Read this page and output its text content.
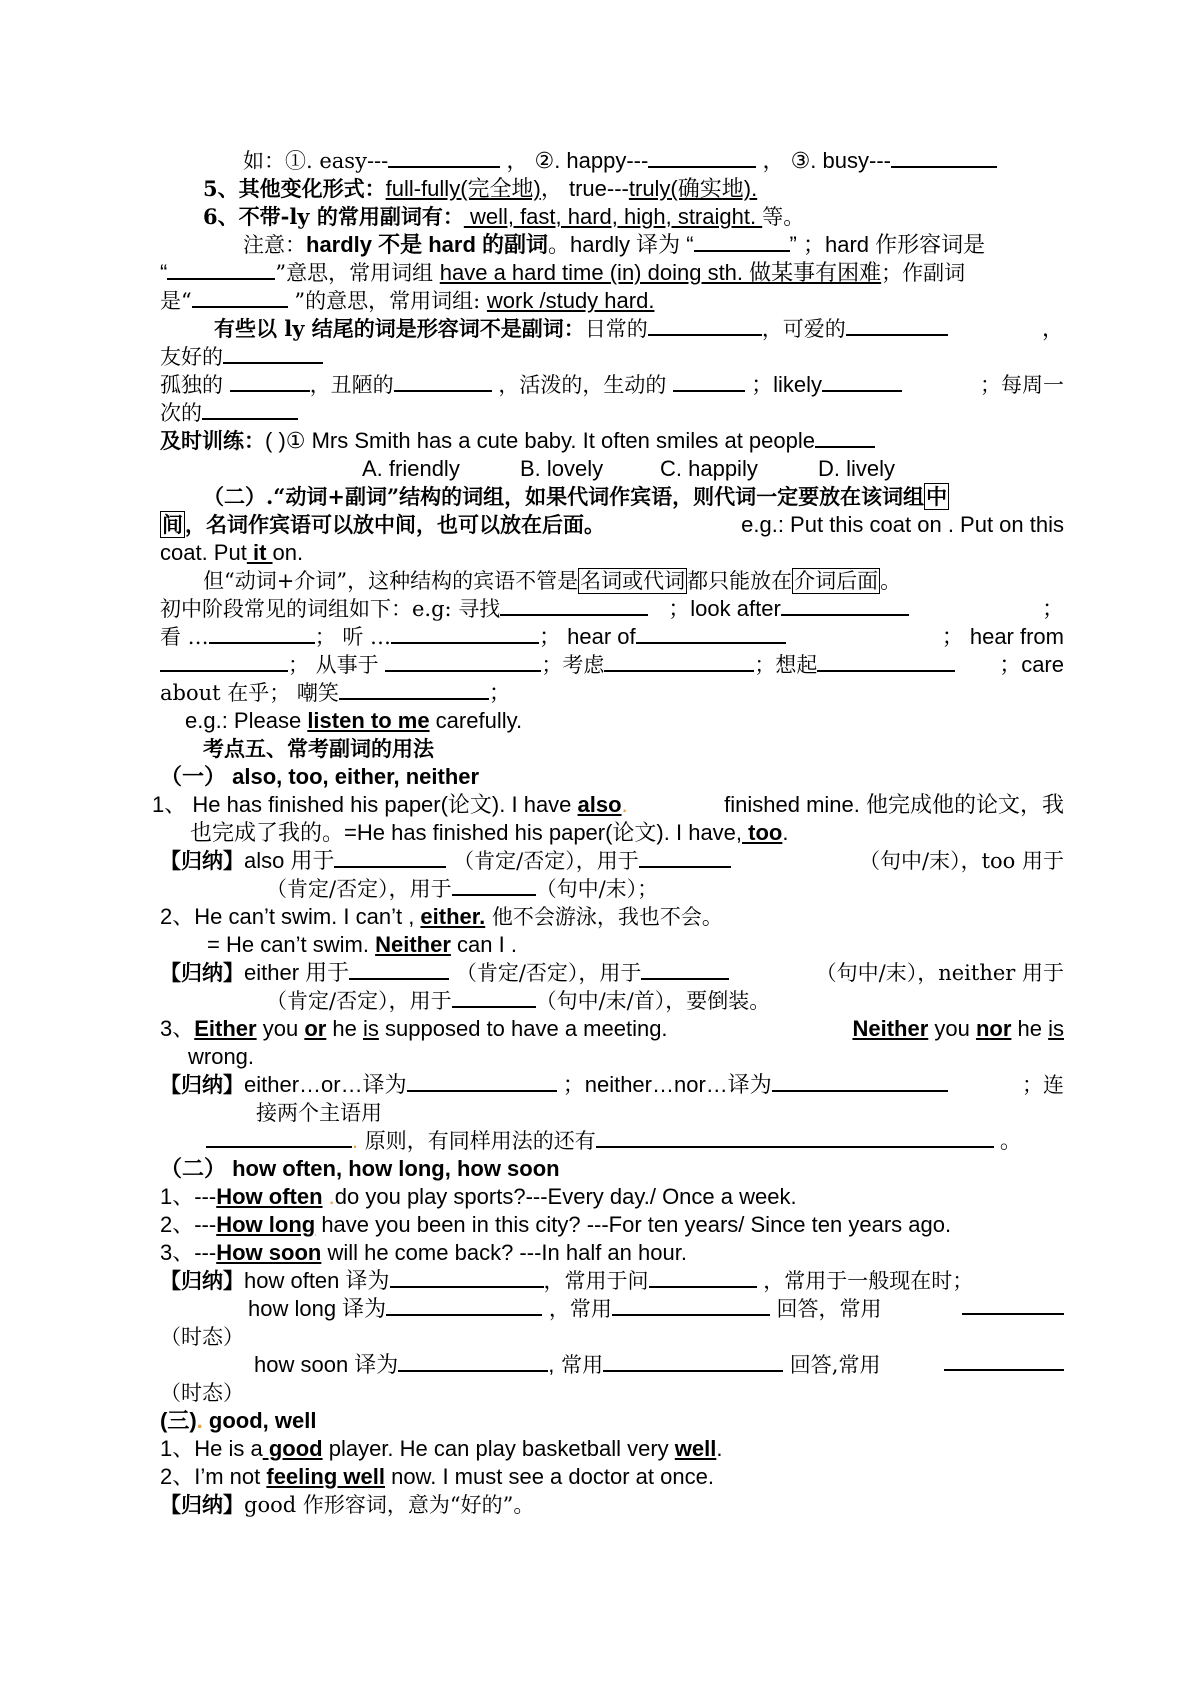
如：①. easy---	， ②. happy---	， ③. busy---
5、其他变化形式：full-fully(完全地)， true---truly(确实地).
6、不带-ly 的常用副词有： well, fast, hard, high, straight. 等。
注意：hardly 不是 hard 的副词。hardly 译为 “	” ；hard 作形容词是
“	”意思，常用词组 have a hard time (in) doing sth. 做某事有困难；作副词
是“	”的意思，常用词组: work /study hard.
有些以 ly 结尾的词是形容词不是副词：日常的	，可爱的	，
友好的
孤独的	，丑陋的	，活泼的，生动的	；likely	；每周一
次的
及时训练：( )① Mrs Smith has a cute baby. It often smiles at people
A. friendly	B. lovely	C. happily	D. lively
（二）.“动词+副词”结构的词组，如果代词作宾语，则代词一定要放在该词组中
间，名词作宾语可以放中间，也可以放在后面。	e.g.: Put this coat on . Put on this
coat. Put it on.
但“动词+介词”，这种结构的宾语不管是名词或代词都只能放在介词后面。
初中阶段常见的词组如下：e.g: 寻找	；look after	；
看 …	； 听 …	； hear of	； hear from
； 从事于	；考虑	；想起	；care
about 在乎； 嘲笑	；
e.g.: Please listen to me carefully.
考点五、常考副词的用法
（一） also, too, either, neither
1、 He has finished his paper(论文). I have also.	finished mine. 他完成他的论文，我
也完成了我的。=He has finished his paper(论文). I have, too.
【归纳】also 用于	（肯定/否定），用于	（句中/末），too 用于
（肯定/否定），用于	（句中/末）；
2、He can’t swim. I can’t , either. 他不会游泳，我也不会。
= He can’t swim. Neither can I .
【归纳】either 用于	（肯定/否定），用于	（句中/末），neither 用于
（肯定/否定），用于	（句中/末/首），要倒装。
3、Either you or he is supposed to have a meeting.	Neither you nor he is
wrong.
【归纳】either…or…译为	；neither…nor…译为	；连
接两个主语用
. 原则，有同样用法的还有	。
（二） how often, how long, how soon
1、---How often .do you play sports?---Every day./ Once a week.
2、---How long have you been in this city? ---For ten years/ Since ten years ago.
3、---How soon will he come back? ---In half an hour.
【归纳】how often 译为	，常用于问	，常用于一般现在时；
how long 译为	，常用	回答，常用
（时态）
how soon 译为	, 常用	回答,常用
（时态）
(三). good, well
1、He is a good player. He can play basketball very well.
2、I’m not feeling well now. I must see a doctor at once.
【归纳】good 作形容词，意为“好的”。
